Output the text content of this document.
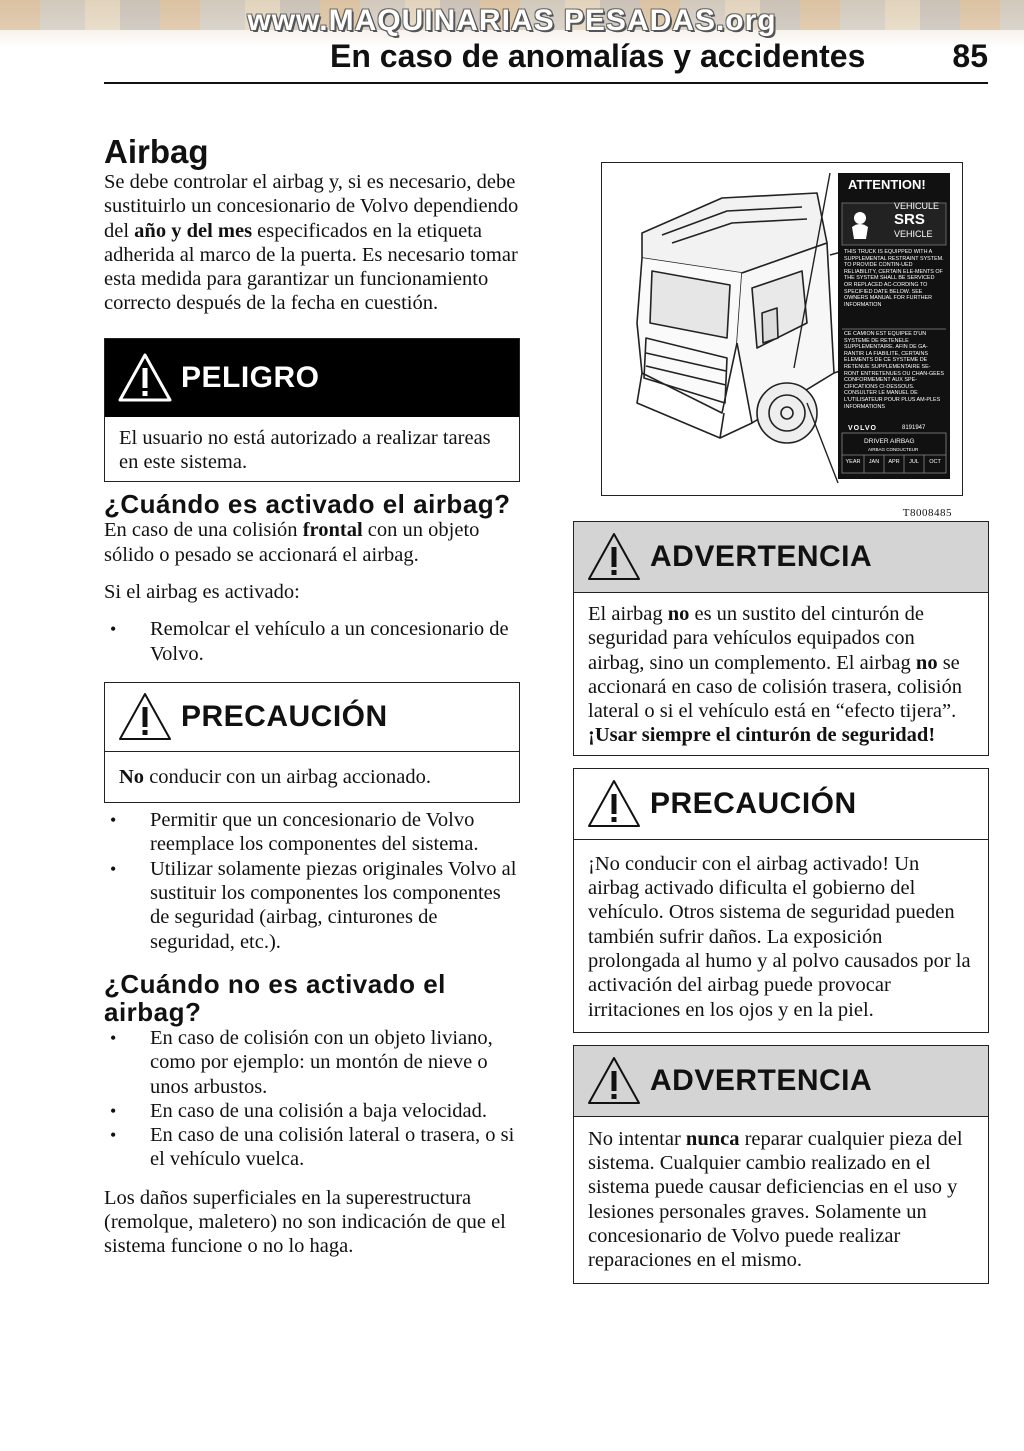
www.MAQUINARIAS PESADAS.org
En caso de anomalías y accidentes	85
Airbag

Se debe controlar el airbag y, si es necesario, debe sustituirlo un concesionario de Volvo dependiendo del año y del mes especificados en la etiqueta adherida al marco de la puerta. Es necesario tomar esta medida para garantizar un funcionamiento correcto después de la fecha en cuestión.

PELIGRO
El usuario no está autorizado a realizar tareas en este sistema.
¿Cuándo es activado el airbag?

En caso de una colisión frontal con un objeto sólido o pesado se accionará el airbag.

Si el airbag es activado:

• Remolcar el vehículo a un concesionario de Volvo.
PRECAUCIÓN
No conducir con un airbag accionado.
• Permitir que un concesionario de Volvo reemplace los componentes del sistema.
• Utilizar solamente piezas originales Volvo al sustituir los componentes los componentes de seguridad (airbag, cinturones de seguridad, etc.).
¿Cuándo no es activado el airbag?
• En caso de colisión con un objeto liviano, como por ejemplo: un montón de nieve o unos arbustos.
• En caso de una colisión a baja velocidad.
• En caso de una colisión lateral o trasera, o si el vehículo vuelca.

Los daños superficiales en la superestructura (remolque, maletero) no son indicación de que el sistema funcione o no lo haga.

ATTENTION!
VEHICULE
SRS
VEHICLE
THIS TRUCK IS EQUIPPED WITH A SUPPLEMENTAL RESTRAINT SYSTEM. TO PROVIDE CONTIN-UED RELIABILITY, CERTAIN ELE-MENTS OF THE SYSTEM SHALL BE SERVICED OR REPLACED AC-CORDING TO SPECIFIED DATE BELOW. SEE OWNERS MANUAL FOR FURTHER INFORMATION
CE CAMION EST EQUIPEE D'UN SYSTEME DE RETENELE SUPPLEMENTAIRE. AFIN DE GA-RANTIR LA FIABILITE, CERTAINS ELEMENTS DE CE SYSTEME DE RETENUE SUPPLEMENTAIRE SE-RONT ENTRETENUES OU CHAN-GEES CONFORMEMENT AUX SPE-CIFICATIONS CI-DESSOUS. CONSULTER LE MANUEL DE L'UTILISATEUR POUR PLUS AM-PLES INFORMATIONS
VOLVO	8191947
DRIVER AIRBAG
AIRBAG CONDUCTEUR
YEAR	JAN	APR	JUL	OCT
T8008485
ADVERTENCIA
El airbag no es un sustito del cinturón de seguridad para vehículos equipados con airbag, sino un complemento. El airbag no se accionará en caso de colisión trasera, colisión lateral o si el vehículo está en “efecto tijera”.
¡Usar siempre el cinturón de seguridad!
PRECAUCIÓN
¡No conducir con el airbag activado! Un airbag activado dificulta el gobierno del vehículo. Otros sistema de seguridad pueden también sufrir daños. La exposición prolongada al humo y al polvo causados por la activación del airbag puede provocar irritaciones en los ojos y en la piel.
ADVERTENCIA
No intentar nunca reparar cualquier pieza del sistema. Cualquier cambio realizado en el sistema puede causar deficiencias en el uso y lesiones personales graves. Solamente un concesionario de Volvo puede realizar reparaciones en el mismo.
